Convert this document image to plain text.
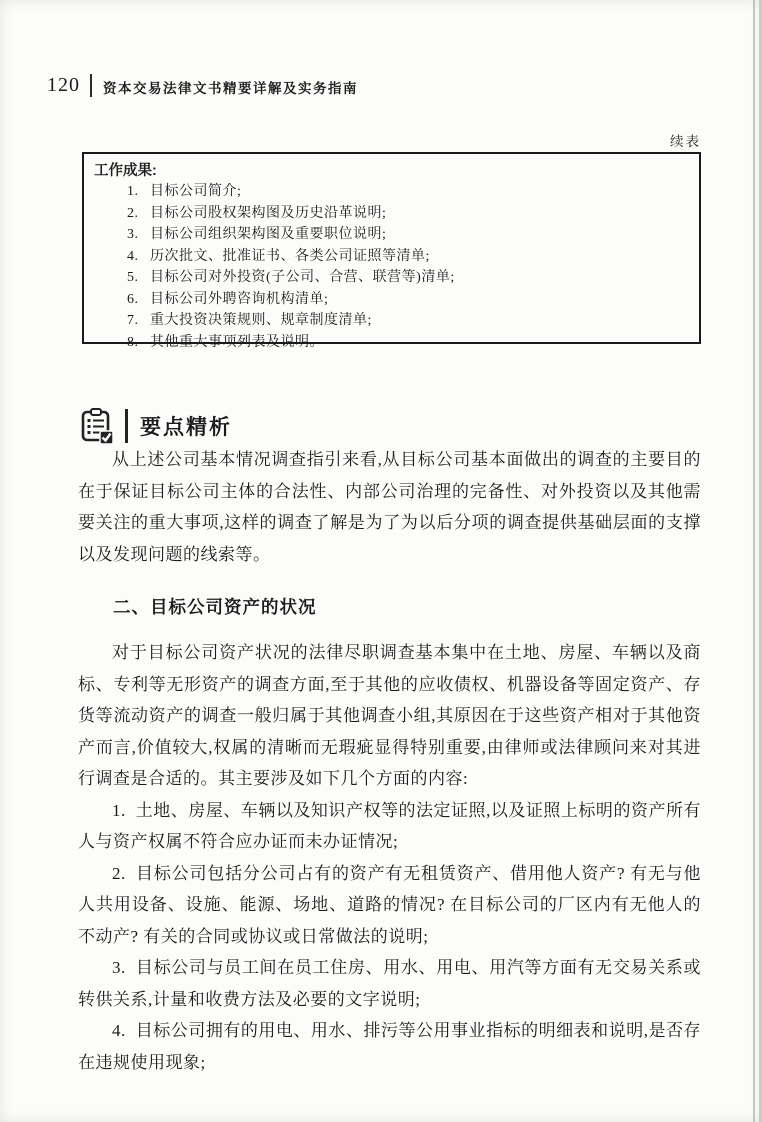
120 资本交易法律文书精要详解及实务指南
续表
工作成果:
1. 目标公司简介;
2. 目标公司股权架构图及历史沿革说明;
3. 目标公司组织架构图及重要职位说明;
4. 历次批文、批准证书、各类公司证照等清单;
5. 目标公司对外投资(子公司、合营、联营等)清单;
6. 目标公司外聘咨询机构清单;
7. 重大投资决策规则、规章制度清单;
8. 其他重大事项列表及说明。
要点精析

从上述公司基本情况调查指引来看,从目标公司基本面做出的调查的主要目的在于保证目标公司主体的合法性、内部公司治理的完备性、对外投资以及其他需要关注的重大事项,这样的调查了解是为了为以后分项的调查提供基础层面的支撑以及发现问题的线索等。

二、目标公司资产的状况

对于目标公司资产状况的法律尽职调查基本集中在土地、房屋、车辆以及商标、专利等无形资产的调查方面,至于其他的应收债权、机器设备等固定资产、存货等流动资产的调查一般归属于其他调查小组,其原因在于这些资产相对于其他资产而言,价值较大,权属的清晰而无瑕疵显得特别重要,由律师或法律顾问来对其进行调查是合适的。其主要涉及如下几个方面的内容:

1. 土地、房屋、车辆以及知识产权等的法定证照,以及证照上标明的资产所有人与资产权属不符合应办证而未办证情况;

2. 目标公司包括分公司占有的资产有无租赁资产、借用他人资产? 有无与他人共用设备、设施、能源、场地、道路的情况? 在目标公司的厂区内有无他人的不动产? 有关的合同或协议或日常做法的说明;

3. 目标公司与员工间在员工住房、用水、用电、用汽等方面有无交易关系或转供关系,计量和收费方法及必要的文字说明;

4. 目标公司拥有的用电、用水、排污等公用事业指标的明细表和说明,是否存在违规使用现象;
